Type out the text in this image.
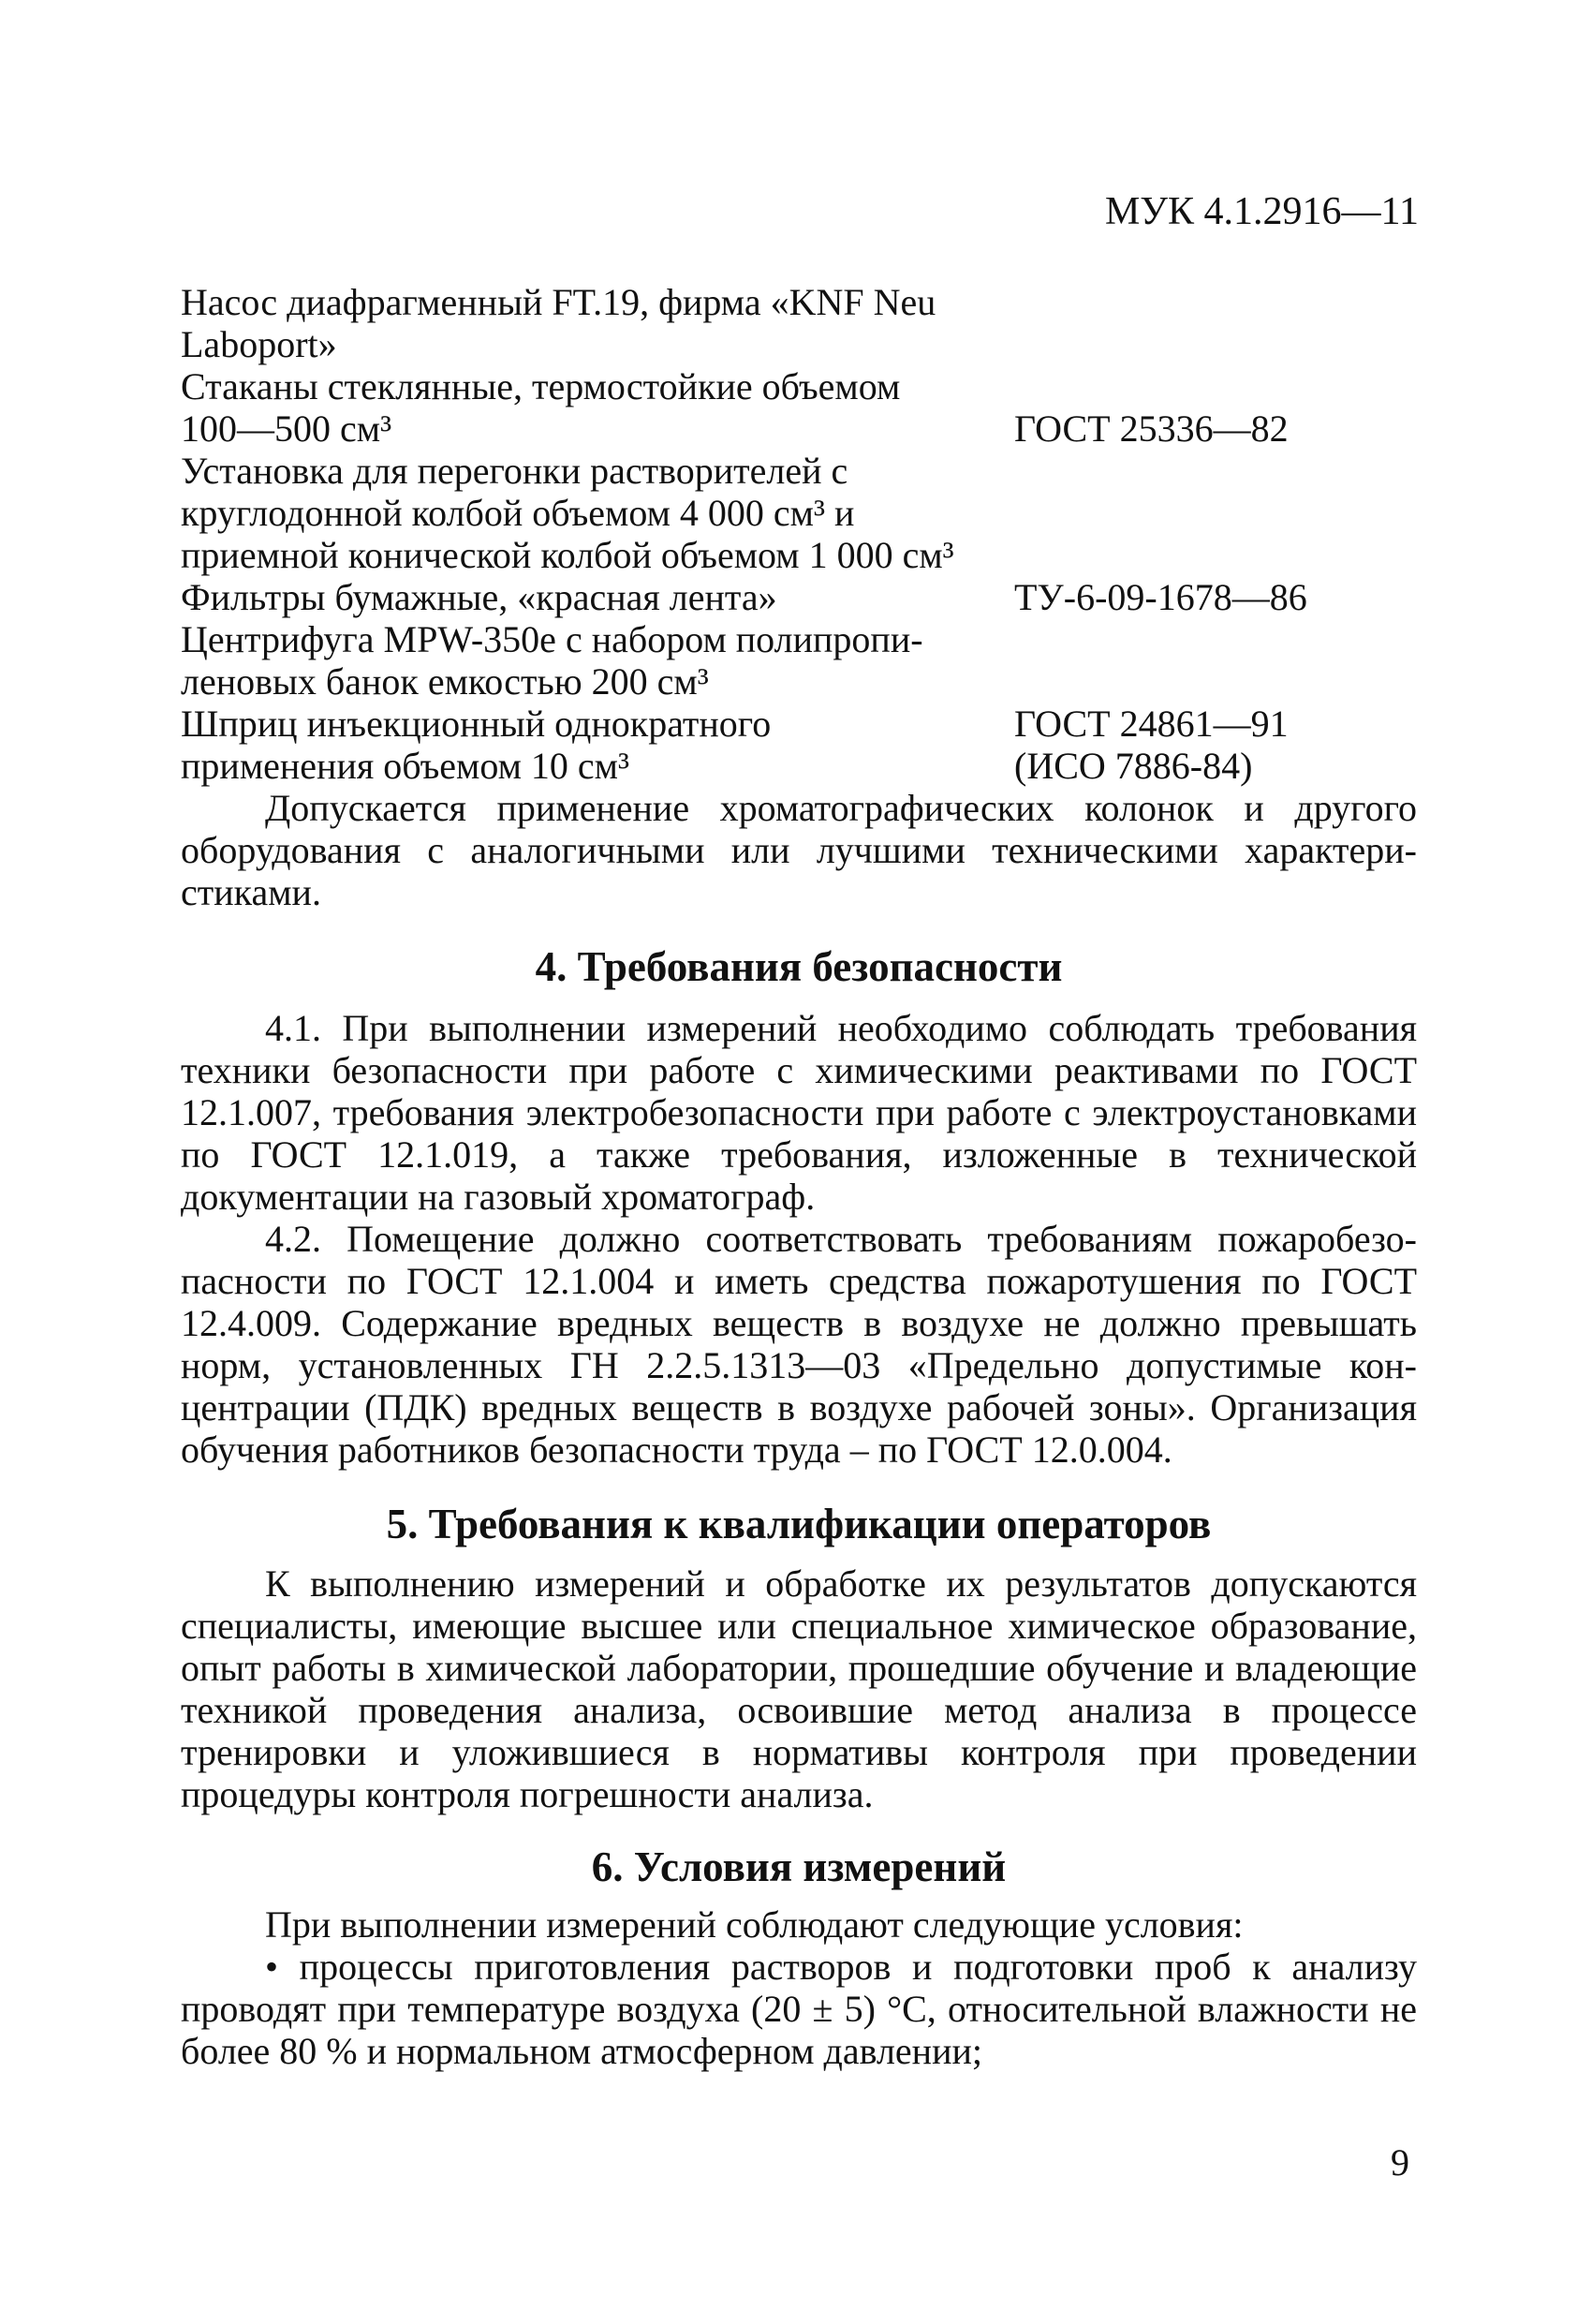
МУК 4.1.2916—11
Насос диафрагменный FT.19, фирма «KNF Neu
Laboport»
Стаканы стеклянные, термостойкие объемом
100—500 см³	ГОСТ 25336—82
Установка для перегонки растворителей с
круглодонной колбой объемом 4 000 см³ и
приемной конической колбой объемом 1 000 см³
Фильтры бумажные, «красная лента»	ТУ-6-09-1678—86
Центрифуга MPW-350e с набором полипропи-
леновых банок емкостью 200 см³
Шприц инъекционный однократного
применения объемом 10 см³
ГОСТ 24861—91
(ИСО 7886-84)

Допускается применение хроматографических колонок и другого оборудования с аналогичными или лучшими техническими характеристиками.

4. Требования безопасности

4.1. При выполнении измерений необходимо соблюдать требования техники безопасности при работе с химическими реактивами по ГОСТ 12.1.007, требования электробезопасности при работе с электроустановками по ГОСТ 12.1.019, а также требования, изложенные в технической документации на газовый хроматограф.

4.2. Помещение должно соответствовать требованиям пожаробезопасности по ГОСТ 12.1.004 и иметь средства пожаротушения по ГОСТ 12.4.009. Содержание вредных веществ в воздухе не должно превышать норм, установленных ГН 2.2.5.1313—03 «Предельно допустимые концентрации (ПДК) вредных веществ в воздухе рабочей зоны». Организация обучения работников безопасности труда – по ГОСТ 12.0.004.

5. Требования к квалификации операторов

К выполнению измерений и обработке их результатов допускаются специалисты, имеющие высшее или специальное химическое образование, опыт работы в химической лаборатории, прошедшие обучение и владеющие техникой проведения анализа, освоившие метод анализа в процессе тренировки и уложившиеся в нормативы контроля при проведении процедуры контроля погрешности анализа.

6. Условия измерений

При выполнении измерений соблюдают следующие условия:

• процессы приготовления растворов и подготовки проб к анализу проводят при температуре воздуха (20 ± 5) °С, относительной влажности не более 80 % и нормальном атмосферном давлении;

9
